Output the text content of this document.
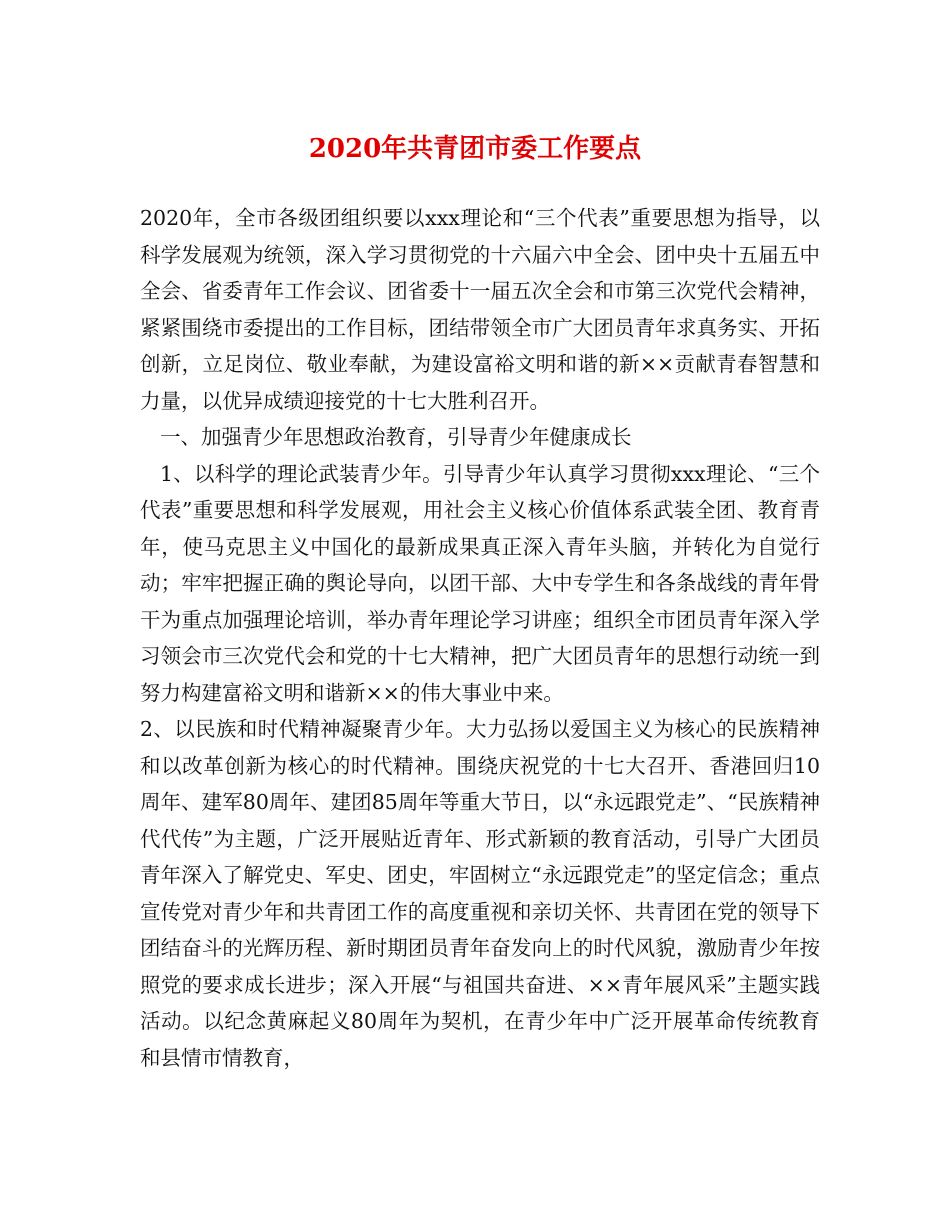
2020年共青团市委工作要点

2020年，全市各级团组织要以xxx理论和“三个代表”重要思想为指导，以科学发展观为统领，深入学习贯彻党的十六届六中全会、团中央十五届五中全会、省委青年工作会议、团省委十一届五次全会和市第三次党代会精神，紧紧围绕市委提出的工作目标，团结带领全市广大团员青年求真务实、开拓创新，立足岗位、敬业奉献，为建设富裕文明和谐的新××贡献青春智慧和力量，以优异成绩迎接党的十七大胜利召开。

一、加强青少年思想政治教育，引导青少年健康成长

1、以科学的理论武装青少年。引导青少年认真学习贯彻xxx理论、“三个代表”重要思想和科学发展观，用社会主义核心价值体系武装全团、教育青年，使马克思主义中国化的最新成果真正深入青年头脑，并转化为自觉行动；牢牢把握正确的舆论导向，以团干部、大中专学生和各条战线的青年骨干为重点加强理论培训，举办青年理论学习讲座；组织全市团员青年深入学习领会市三次党代会和党的十七大精神，把广大团员青年的思想行动统一到努力构建富裕文明和谐新××的伟大事业中来。

2、以民族和时代精神凝聚青少年。大力弘扬以爱国主义为核心的民族精神和以改革创新为核心的时代精神。围绕庆祝党的十七大召开、香港回归10周年、建军80周年、建团85周年等重大节日，以“永远跟党走”、“民族精神代代传”为主题，广泛开展贴近青年、形式新颖的教育活动，引导广大团员青年深入了解党史、军史、团史，牢固树立“永远跟党走”的坚定信念；重点宣传党对青少年和共青团工作的高度重视和亲切关怀、共青团在党的领导下团结奋斗的光辉历程、新时期团员青年奋发向上的时代风貌，激励青少年按照党的要求成长进步；深入开展“与祖国共奋进、××青年展风采”主题实践活动。以纪念黄麻起义80周年为契机，在青少年中广泛开展革命传统教育和县情市情教育，
